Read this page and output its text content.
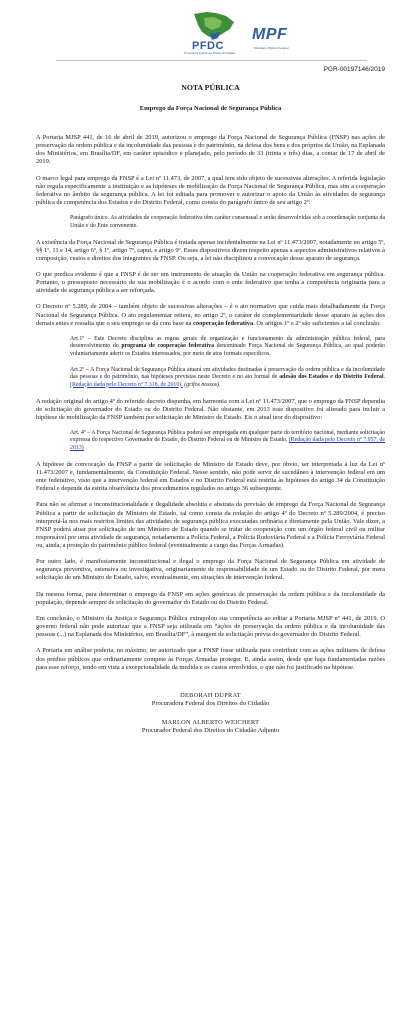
PFDC
Procuradoria Federal dos Direitos do Cidadão
MPF
Ministério Público Federal
PGR-00197146/2019
NOTA PÚBLICA
Emprego da Força Nacional de Segurança Pública

A Portaria MJSP 441, de 16 de abril de 2019, autorizou o emprego da Força Nacional de Segurança Pública (FNSP) nas ações de preservação da ordem pública e da incolumidade das pessoas e do patrimônio, na defesa dos bens e dos próprios da União, na Esplanada dos Ministérios, em Brasília/DF, em caráter episódico e planejado, pelo período de 33 (trinta e três) dias, a contar de 17 de abril de 2019.

O marco legal para emprego da FNSP é a Lei nº 11.473, de 2007, a qual tem sido objeto de sucessivas alterações. A referida legislação não regula especificamente a instituição e as hipóteses de mobilização da Força Nacional de Segurança Pública, mas sim a cooperação federativa no âmbito da segurança pública. A lei foi editada para promover e autorizar o apoio da União às atividades de segurança pública de competência dos Estados e do Distrito Federal, como consta do parágrafo único de seu artigo 2º:

Parágrafo único. As atividades de cooperação federativa têm caráter consensual e serão desenvolvidas sob a coordenação conjunta da União e do Ente convenente.

A existência da Força Nacional de Segurança Pública é tratada apenas incidentalmente na Lei nº 11.473/2007, notadamente no artigo 5º, §§ 1º, 11 e 14, artigo 6º, § 1º, artigo 7º, caput, e artigo 9º. Esses dispositivos dizem respeito apenas a aspectos administrativos relativos à composição, custos e direitos dos integrantes da FNSP. Ou seja, a lei não disciplinou a convocação desse aparato de segurança.

O que predica evidente é que a FNSP é de ser um instrumento de atuação da União na cooperação federativa em segurança pública. Portanto, o pressuposto necessário de sua mobilização é o acordo com o ente federativo que tenha a competência originária para a atividade de segurança pública a ser reforçada.

O Decreto nº 5.289, de 2004 – também objeto de sucessivas alterações – é o ato normativo que cuida mais detalhadamente da Força Nacional de Segurança Pública. O ato regulamentar reitera, no artigo 2º, o caráter de complementaridade desse aparato às ações dos demais entes e ressalta que o seu emprego se dá com base na cooperação federativa. Os artigos 1º e 2º são suficientes a tal conclusão:

Art.1º – Este Decreto disciplina as regras gerais de organização e funcionamento da administração pública federal, para desenvolvimento do programa de cooperação federativa denominado Força Nacional de Segurança Pública, ao qual poderão voluntariamente aderir os Estados interessados, por meio de atos formais específicos.

Art.2º – A Força Nacional de Segurança Pública atuará em atividades destinadas à preservação da ordem pública e da incolumidade das pessoas e do patrimônio, nas hipóteses previstas neste Decreto e no ato formal de adesão dos Estados e do Distrito Federal. (Redação dada pelo Decreto nº 7.318, de 2010). (grifos nossos).

A redação original do artigo 4º do referido decreto dispunha, em harmonia com a Lei nº 11.473/2007, que o emprego da FNSP dependia de solicitação do governador do Estado ou do Distrito Federal. Não obstante, em 2013 esse dispositivo foi alterado para incluir a hipótese de mobilização da FNSP também por solicitação de Ministro de Estado. Eis o atual teor do dispositivo:

Art. 4º – A Força Nacional de Segurança Pública poderá ser empregada em qualquer parte do território nacional, mediante solicitação expressa do respectivo Governador de Estado, do Distrito Federal ou de Ministro de Estado. (Redação dada pelo Decreto nº 7.957, de 2013)

A hipótese de convocação da FNSP a partir de solicitação de Ministro de Estado deve, por óbvio, ser interpretada à luz da Lei nº 11.473/2007 e, fundamentalmente, da Constituição Federal. Nesse sentido, não pode servir de sucedâneo à intervenção federal em um ente federativo, visto que a intervenção federal em Estados e no Distrito Federal está restrita às hipóteses do artigo 34 da Constituição Federal e depende da estrita observância dos procedimentos regulados no artigo 36 subsequente.

Para não se afirmar a inconstitucionalidade e ilegalidade absoluta e abstrata da previsão de emprego da Força Nacional de Segurança Pública a partir de solicitação de Ministro de Estado, tal como consta da redação do artigo 4º do Decreto nº 5.289/2004, é preciso interpretá-la nos mais restritos limites das atividades de segurança pública executadas ordinária e diretamente pela União. Vale dizer, a FNSP poderá atuar por solicitação de um Ministro de Estado quando se tratar de cooperação com um órgão federal civil ou militar responsável por uma atividade de segurança, notadamente a Polícia Federal, a Polícia Rodoviária Federal e a Polícia Ferroviária Federal ou, ainda, a proteção do patrimônio público federal (eventualmente a cargo das Forças Armadas).

Por outro lado, é manifestamente inconstitucional e ilegal o emprego da Força Nacional de Segurança Pública em atividade de segurança preventiva, ostensiva ou investigativa, originariamente de responsabilidade de um Estado ou do Distrito Federal, por mera solicitação de um Ministro de Estado, salvo, eventualmente, em situações de intervenção federal.

Da mesma forma, para determinar o emprego da FNSP em ações genéricas de preservação da ordem pública e da incolumidade da população, depende sempre de solicitação do governador do Estado ou do Distrito Federal.

Em conclusão, o Ministro da Justiça e Segurança Pública extrapolou sua competência ao editar a Portaria MJSP nº 441, de 2019. O governo federal não pode autorizar que a FNSP seja utilizada em “ações de preservação da ordem pública e da incolumidade das pessoas (...) na Esplanada dos Ministérios, em Brasília/DF”, à margem de solicitação prévia do governador do Distrito Federal.

A Portaria em análise poderia, no máximo, ter autorizado que a FNSP fosse utilizada para contribuir com as ações militares de defesa dos prédios públicos que ordinariamente compete às Forças Armadas proteger. E, ainda assim, desde que haja fundamentadas razões para esse reforço, tendo em vista a excepcionalidade da medida e os custos envolvidos, o que não foi justificado na hipótese.

DEBORAH DUPRAT
Procuradora Federal dos Direitos do Cidadão
MARLON ALBERTO WEICHERT
Procurador Federal dos Direitos do Cidadão Adjunto
